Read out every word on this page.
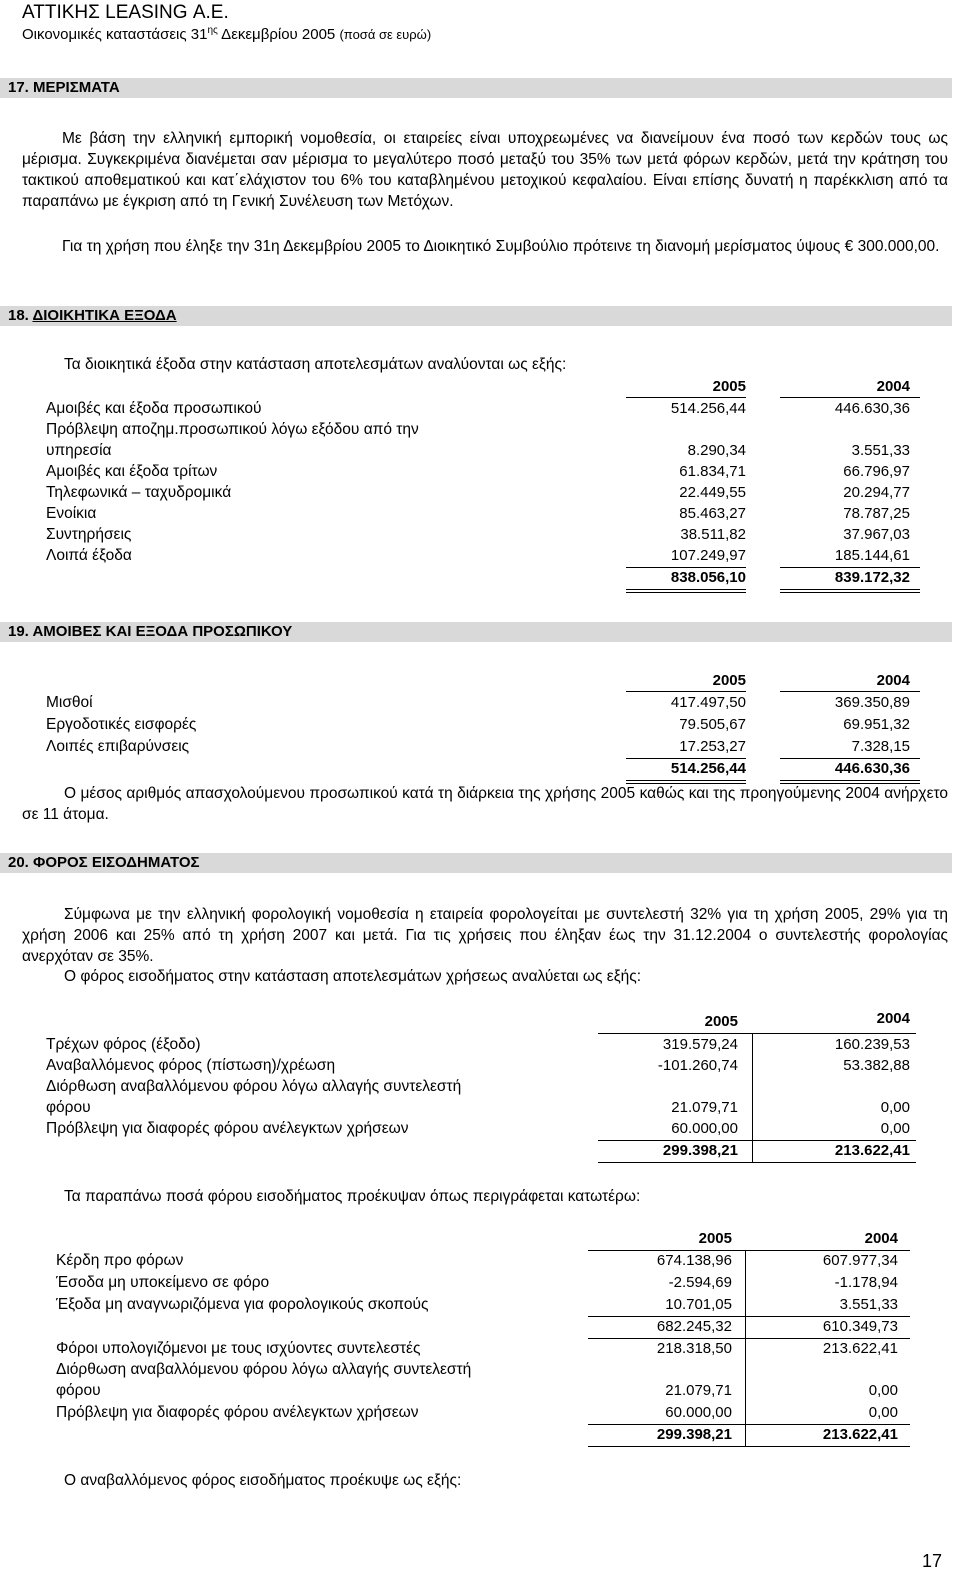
ΑΤΤΙΚΗΣ LEASING Α.Ε.
Οικονομικές καταστάσεις $31^{\eta\varsigma}$ Δεκεμβρίου 2005 (ποσά σε ευρώ)
17. ΜΕΡΙΣΜΑΤΑ
Με βάση την ελληνική εμπορική νομοθεσία, οι εταιρείες είναι υποχρεωμένες να διανείμουν ένα ποσό των κερδών τους ως μέρισμα. Συγκεκριμένα διανέμεται σαν μέρισμα το μεγαλύτερο ποσό μεταξύ του 35% των μετά φόρων κερδών, μετά την κράτηση του τακτικού αποθεματικού και κατ΄ελάχιστον του 6% του καταβλημένου μετοχικού κεφαλαίου. Είναι επίσης δυνατή η παρέκκλιση από τα παραπάνω με έγκριση από τη Γενική Συνέλευση των Μετόχων.
Για τη χρήση που έληξε την 31η Δεκεμβρίου 2005 το Διοικητικό Συμβούλιο πρότεινε τη διανομή μερίσματος ύψους € 300.000,00.
18. ΔΙΟΙΚΗΤΙΚΑ ΕΞΟΔΑ
Τα διοικητικά έξοδα στην κατάσταση αποτελεσμάτων αναλύονται ως εξής:
2005	2004
Αμοιβές και έξοδα προσωπικού	514.256,44	446.630,36
Πρόβλεψη αποζημ.προσωπικού λόγω εξόδου από την
υπηρεσία	8.290,34	3.551,33
Αμοιβές και έξοδα τρίτων	61.834,71	66.796,97
Τηλεφωνικά – ταχυδρομικά	22.449,55	20.294,77
Ενοίκια	85.463,27	78.787,25
Συντηρήσεις	38.511,82	37.967,03
Λοιπά έξοδα	107.249,97	185.144,61
838.056,10	839.172,32
19. ΑΜΟΙΒΕΣ ΚΑΙ ΕΞΟΔΑ ΠΡΟΣΩΠΙΚΟΥ
2005	2004
Μισθοί	417.497,50	369.350,89
Εργοδοτικές εισφορές	79.505,67	69.951,32
Λοιπές επιβαρύνσεις	17.253,27	7.328,15
514.256,44	446.630,36
Ο μέσος αριθμός απασχολούμενου προσωπικού κατά τη διάρκεια της χρήσης 2005 καθώς και της προηγούμενης 2004 ανήρχετο σε 11 άτομα.
20. ΦΟΡΟΣ ΕΙΣΟΔΗΜΑΤΟΣ
Σύμφωνα με την ελληνική φορολογική νομοθεσία η εταιρεία φορολογείται με συντελεστή 32% για τη χρήση 2005, 29% για τη χρήση 2006 και 25% από τη χρήση 2007 και μετά. Για τις χρήσεις που έληξαν έως την 31.12.2004 ο συντελεστής φορολογίας ανερχόταν σε 35%.
Ο φόρος εισοδήματος στην κατάσταση αποτελεσμάτων χρήσεως αναλύεται ως εξής:
2005	2004
Τρέχων φόρος (έξοδο)	319.579,24	160.239,53
Αναβαλλόμενος φόρος (πίστωση)/χρέωση	-101.260,74	53.382,88
Διόρθωση αναβαλλόμενου φόρου λόγω αλλαγής συντελεστή
φόρου	21.079,71	0,00
Πρόβλεψη για διαφορές φόρου ανέλεγκτων χρήσεων	60.000,00	0,00
299.398,21	213.622,41
Τα παραπάνω ποσά φόρου εισοδήματος προέκυψαν όπως περιγράφεται κατωτέρω:
2005	2004
Κέρδη προ φόρων	674.138,96	607.977,34
Έσοδα μη υποκείμενο σε φόρο	-2.594,69	-1.178,94
Έξοδα μη αναγνωριζόμενα για φορολογικούς σκοπούς	10.701,05	3.551,33
682.245,32	610.349,73
Φόροι υπολογιζόμενοι με τους ισχύοντες συντελεστές	218.318,50	213.622,41
Διόρθωση αναβαλλόμενου φόρου λόγω αλλαγής συντελεστή
φόρου	21.079,71	0,00
Πρόβλεψη για διαφορές φόρου ανέλεγκτων χρήσεων	60.000,00	0,00
299.398,21	213.622,41
Ο αναβαλλόμενος φόρος εισοδήματος προέκυψε ως εξής:
17
